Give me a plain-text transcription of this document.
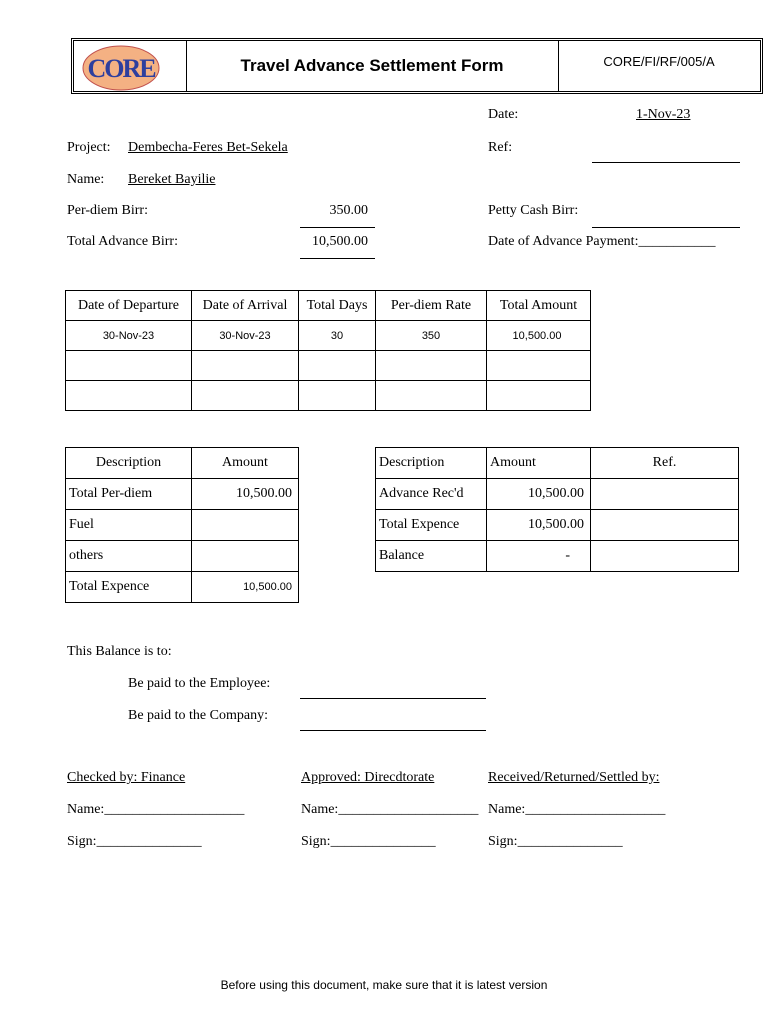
CORE	Travel Advance Settlement Form	CORE/FI/RF/005/A
Date:	1-Nov-23
Project: Dembecha-Feres Bet-Sekela	Ref:
Name: Bereket Bayilie
Per-diem Birr:	350.00	Petty Cash Birr:
Total Advance Birr:	10,500.00	Date of Advance Payment:___________
Date of Departure	Date of Arrival	Total Days	Per-diem Rate	Total Amount
30-Nov-23	30-Nov-23	30	350	10,500.00

Description	Amount
Total Per-diem	10,500.00
Fuel	
others	
Total Expence	10,500.00
Description	Amount	Ref.
Advance Rec'd	10,500.00	
Total Expence	10,500.00	
Balance	-	
This Balance is to:
Be paid to the Employee:
Be paid to the Company:
Checked by: Finance	Approved: Direcdtorate	Received/Returned/Settled by:
Name:____________________	Name:____________________ Name:____________________
Sign:_______________	Sign:_______________	Sign:_______________
Before using this document, make sure that it is latest version
